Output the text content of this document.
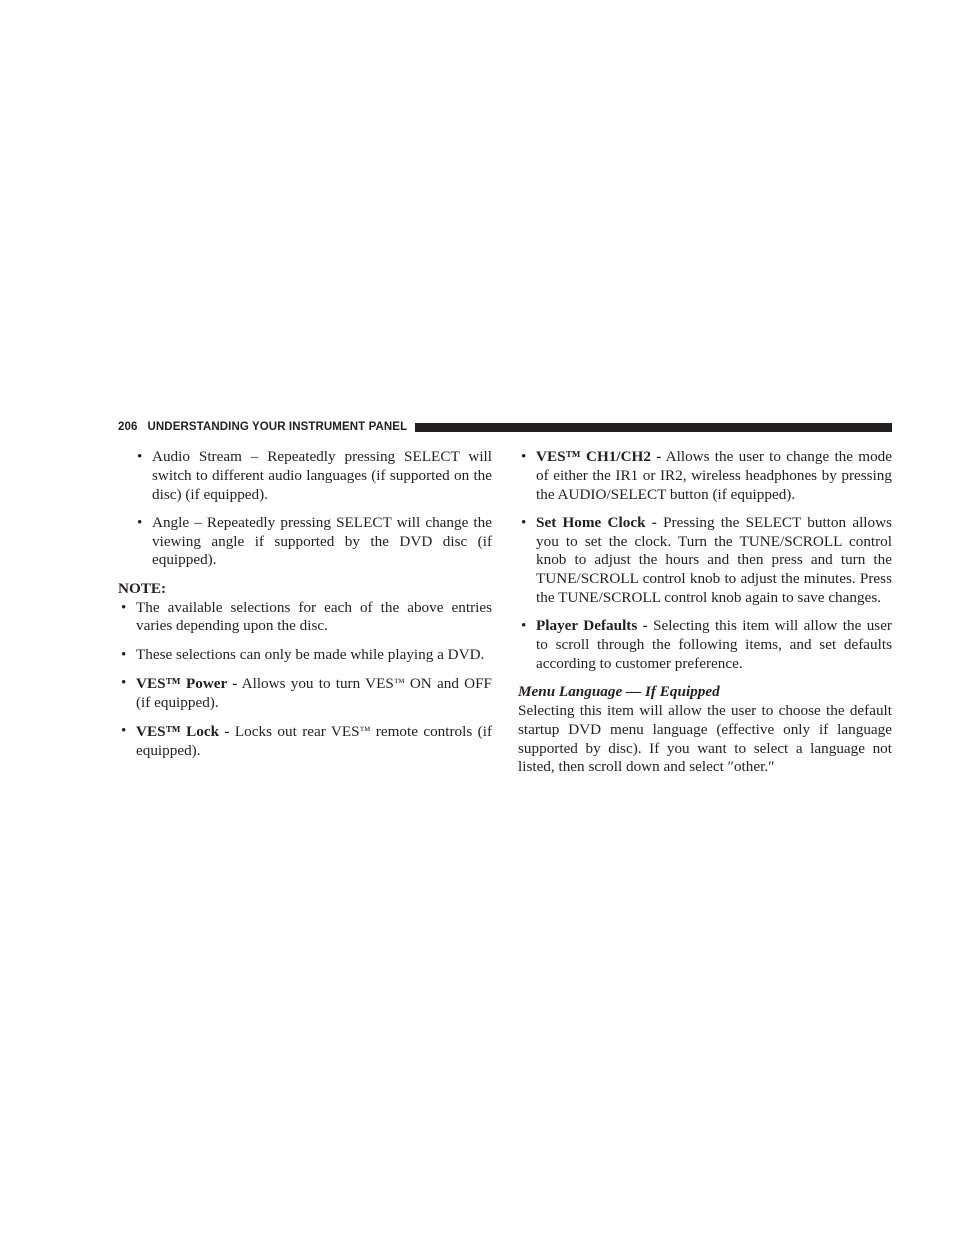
206 UNDERSTANDING YOUR INSTRUMENT PANEL

• Audio Stream – Repeatedly pressing SELECT will switch to different audio languages (if supported on the disc) (if equipped).

• Angle – Repeatedly pressing SELECT will change the viewing angle if supported by the DVD disc (if equipped).

NOTE:

• The available selections for each of the above entries varies depending upon the disc.

• These selections can only be made while playing a DVD.

• VES™ Power - Allows you to turn VES™ ON and OFF (if equipped).

• VES™ Lock - Locks out rear VES™ remote controls (if equipped).

• VES™ CH1/CH2 - Allows the user to change the mode of either the IR1 or IR2, wireless headphones by pressing the AUDIO/SELECT button (if equipped).

• Set Home Clock - Pressing the SELECT button allows you to set the clock. Turn the TUNE/SCROLL control knob to adjust the hours and then press and turn the TUNE/SCROLL control knob to adjust the minutes. Press the TUNE/SCROLL control knob again to save changes.

• Player Defaults - Selecting this item will allow the user to scroll through the following items, and set defaults according to customer preference.

Menu Language — If Equipped

Selecting this item will allow the user to choose the default startup DVD menu language (effective only if language supported by disc). If you want to select a language not listed, then scroll down and select ″other.″
